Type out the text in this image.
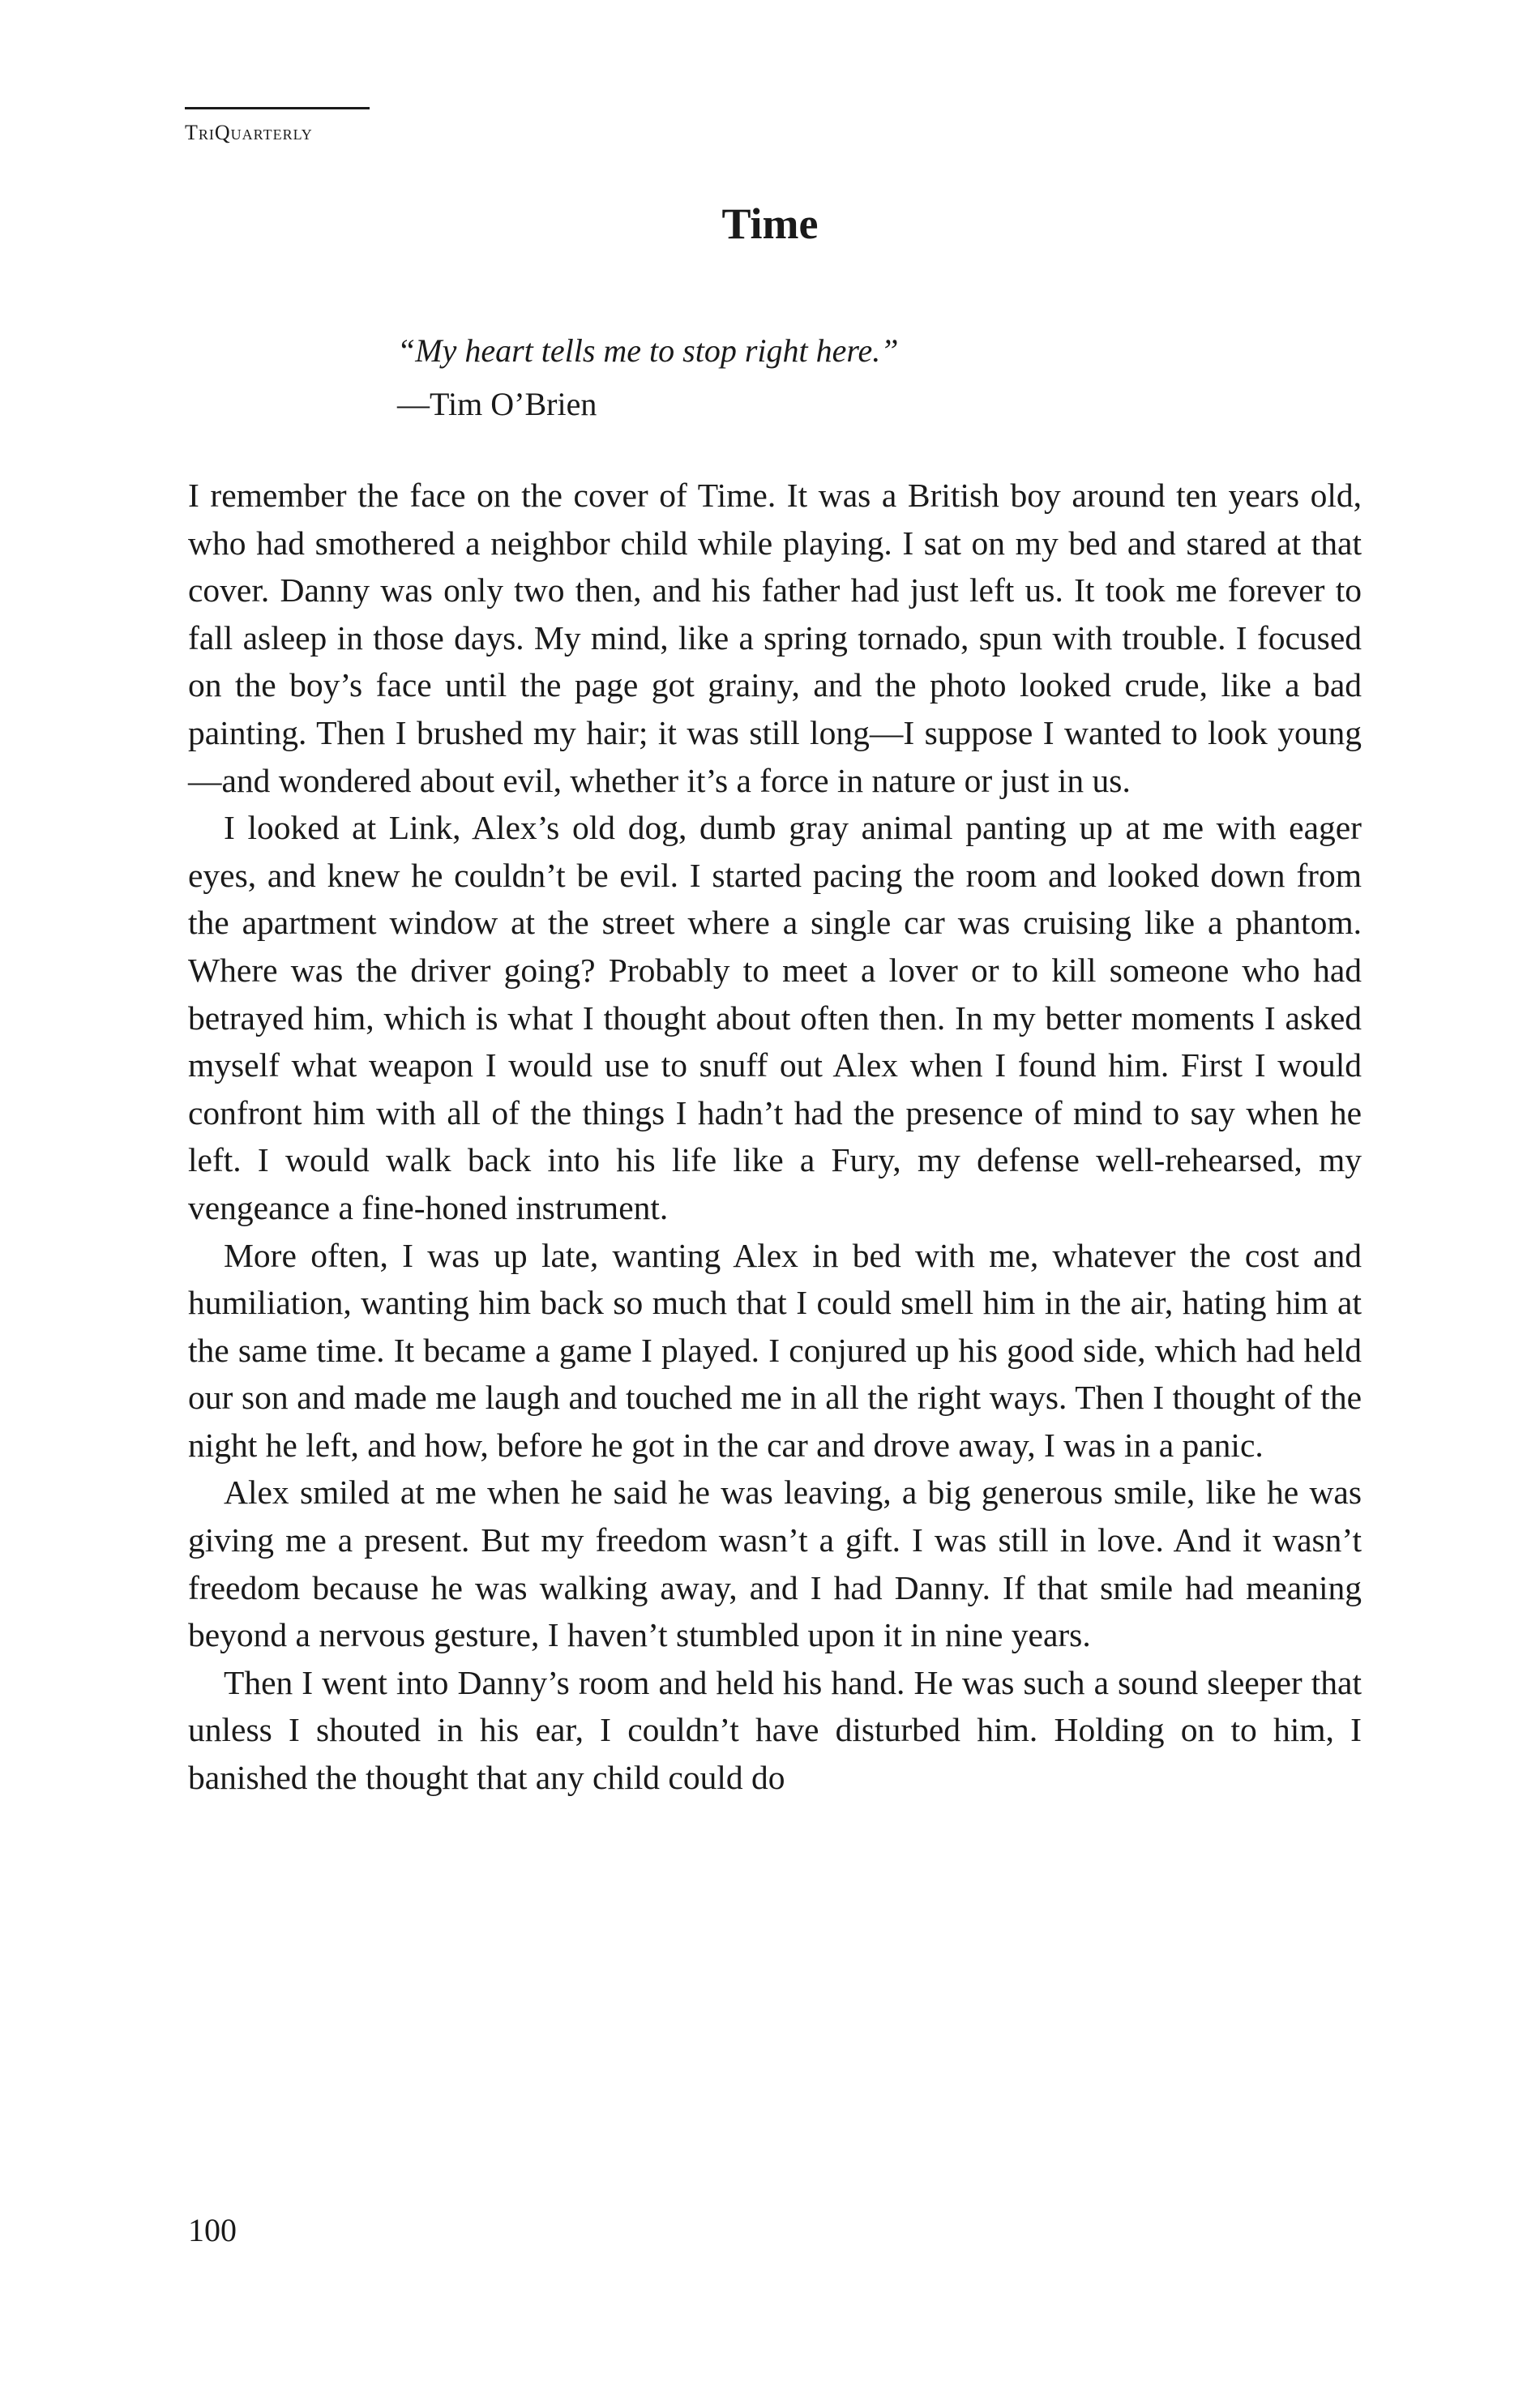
TriQuarterly
Time
“My heart tells me to stop right here.”
—Tim O’Brien

I remember the face on the cover of Time. It was a British boy around ten years old, who had smothered a neighbor child while playing. I sat on my bed and stared at that cover. Danny was only two then, and his father had just left us. It took me forever to fall asleep in those days. My mind, like a spring tornado, spun with trouble. I focused on the boy’s face until the page got grainy, and the photo looked crude, like a bad painting. Then I brushed my hair; it was still long—I suppose I wanted to look young—and wondered about evil, whether it’s a force in nature or just in us.

I looked at Link, Alex’s old dog, dumb gray animal panting up at me with eager eyes, and knew he couldn’t be evil. I started pacing the room and looked down from the apartment window at the street where a single car was cruising like a phantom. Where was the driver going? Probably to meet a lover or to kill someone who had betrayed him, which is what I thought about often then. In my better moments I asked myself what weapon I would use to snuff out Alex when I found him. First I would confront him with all of the things I hadn’t had the presence of mind to say when he left. I would walk back into his life like a Fury, my defense well-rehearsed, my vengeance a fine-honed instrument.

More often, I was up late, wanting Alex in bed with me, whatever the cost and humiliation, wanting him back so much that I could smell him in the air, hating him at the same time. It became a game I played. I conjured up his good side, which had held our son and made me laugh and touched me in all the right ways. Then I thought of the night he left, and how, before he got in the car and drove away, I was in a panic.

Alex smiled at me when he said he was leaving, a big generous smile, like he was giving me a present. But my freedom wasn’t a gift. I was still in love. And it wasn’t freedom because he was walking away, and I had Danny. If that smile had meaning beyond a nervous gesture, I haven’t stumbled upon it in nine years.

Then I went into Danny’s room and held his hand. He was such a sound sleeper that unless I shouted in his ear, I couldn’t have disturbed him. Holding on to him, I banished the thought that any child could do

100
